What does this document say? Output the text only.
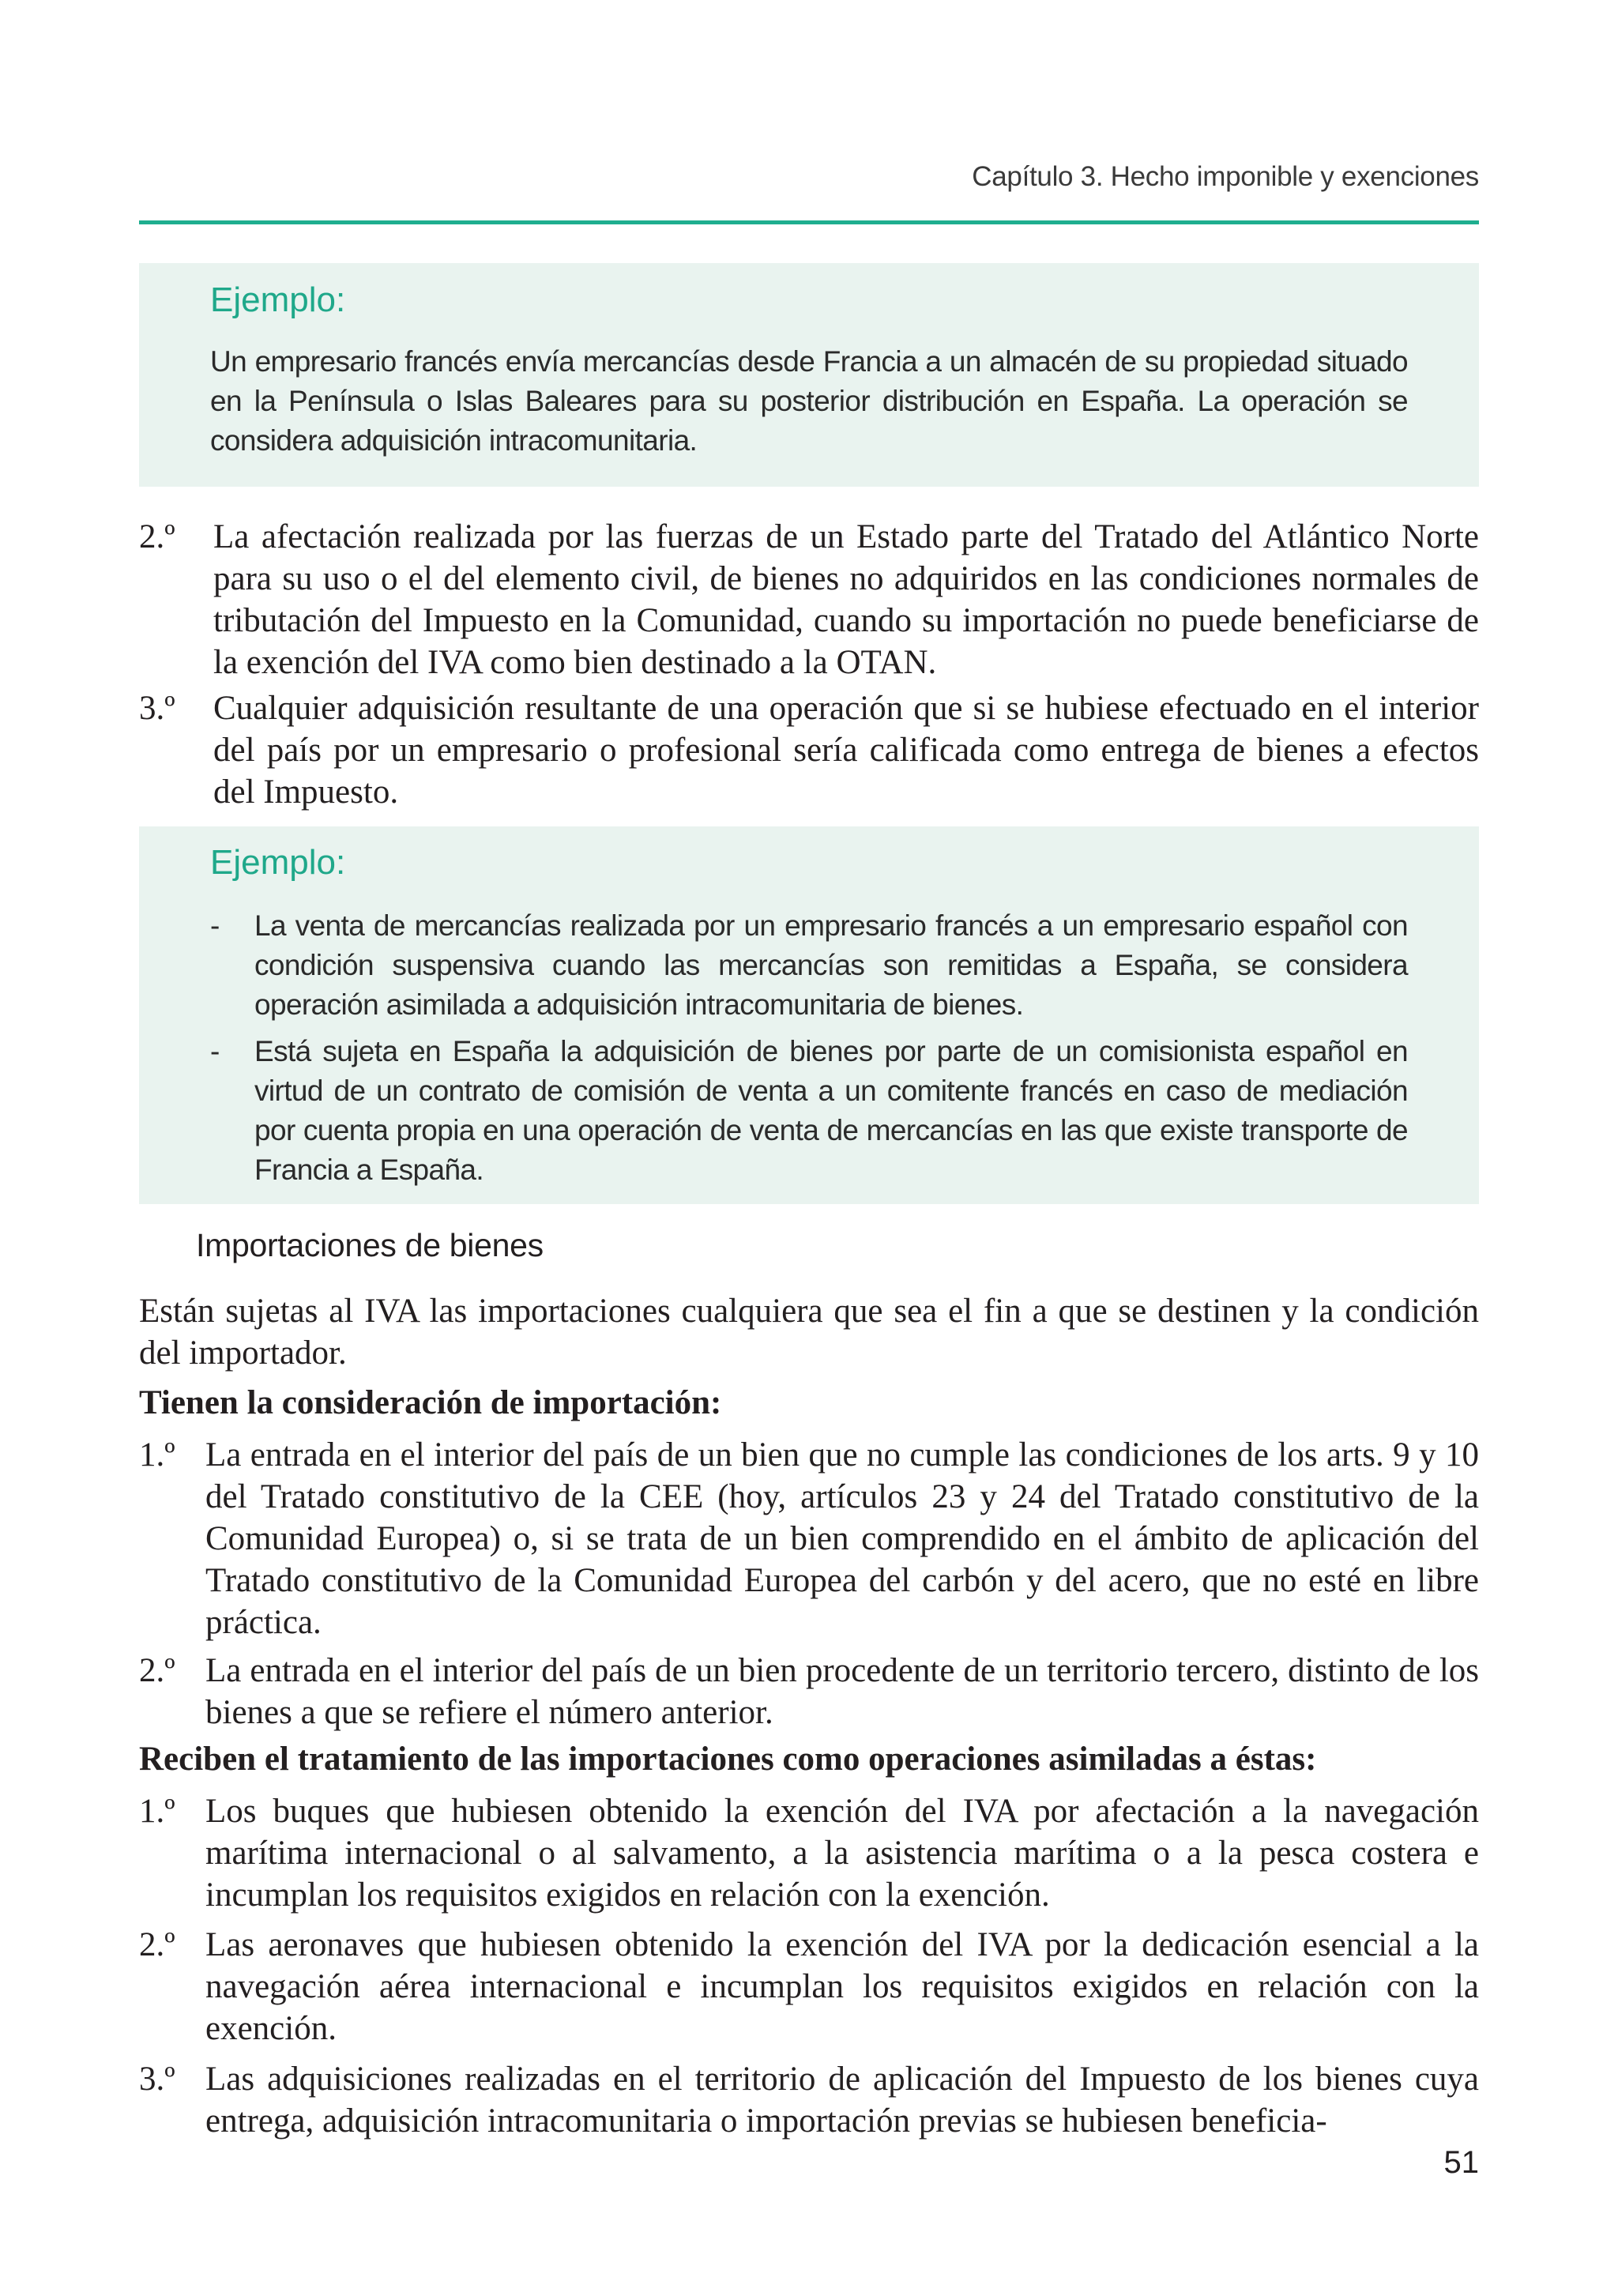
Capítulo 3. Hecho imponible y exenciones
Ejemplo:
Un empresario francés envía mercancías desde Francia a un almacén de su propiedad situado en la Península o Islas Baleares para su posterior distribución en España. La operación se considera adquisición intracomunitaria.
2.º La afectación realizada por las fuerzas de un Estado parte del Tratado del Atlántico Norte para su uso o el del elemento civil, de bienes no adquiridos en las condiciones normales de tributación del Impuesto en la Comunidad, cuando su importación no puede beneficiarse de la exención del IVA como bien destinado a la OTAN.
3.º Cualquier adquisición resultante de una operación que si se hubiese efectuado en el interior del país por un empresario o profesional sería calificada como entrega de bienes a efectos del Impuesto.
Ejemplo:
-	La venta de mercancías realizada por un empresario francés a un empresario español con condición suspensiva cuando las mercancías son remitidas a España, se considera operación asimilada a adquisición intracomunitaria de bienes.
-	Está sujeta en España la adquisición de bienes por parte de un comisionista español en virtud de un contrato de comisión de venta a un comitente francés en caso de mediación por cuenta propia en una operación de venta de mercancías en las que existe transporte de Francia a España.
Importaciones de bienes
Están sujetas al IVA las importaciones cualquiera que sea el fin a que se destinen y la condición del importador.
Tienen la consideración de importación:
1.º La entrada en el interior del país de un bien que no cumple las condiciones de los arts. 9 y 10 del Tratado constitutivo de la CEE (hoy, artículos 23 y 24 del Tratado constitutivo de la Comunidad Europea) o, si se trata de un bien comprendido en el ámbito de aplicación del Tratado constitutivo de la Comunidad Europea del carbón y del acero, que no esté en libre práctica.
2.º La entrada en el interior del país de un bien procedente de un territorio tercero, distinto de los bienes a que se refiere el número anterior.
Reciben el tratamiento de las importaciones como operaciones asimiladas a éstas:
1.º Los buques que hubiesen obtenido la exención del IVA por afectación a la navegación marítima internacional o al salvamento, a la asistencia marítima o a la pesca costera e incumplan los requisitos exigidos en relación con la exención.
2.º Las aeronaves que hubiesen obtenido la exención del IVA por la dedicación esencial a la navegación aérea internacional e incumplan los requisitos exigidos en relación con la exención.
3.º Las adquisiciones realizadas en el territorio de aplicación del Impuesto de los bienes cuya entrega, adquisición intracomunitaria o importación previas se hubiesen beneficia-
51
